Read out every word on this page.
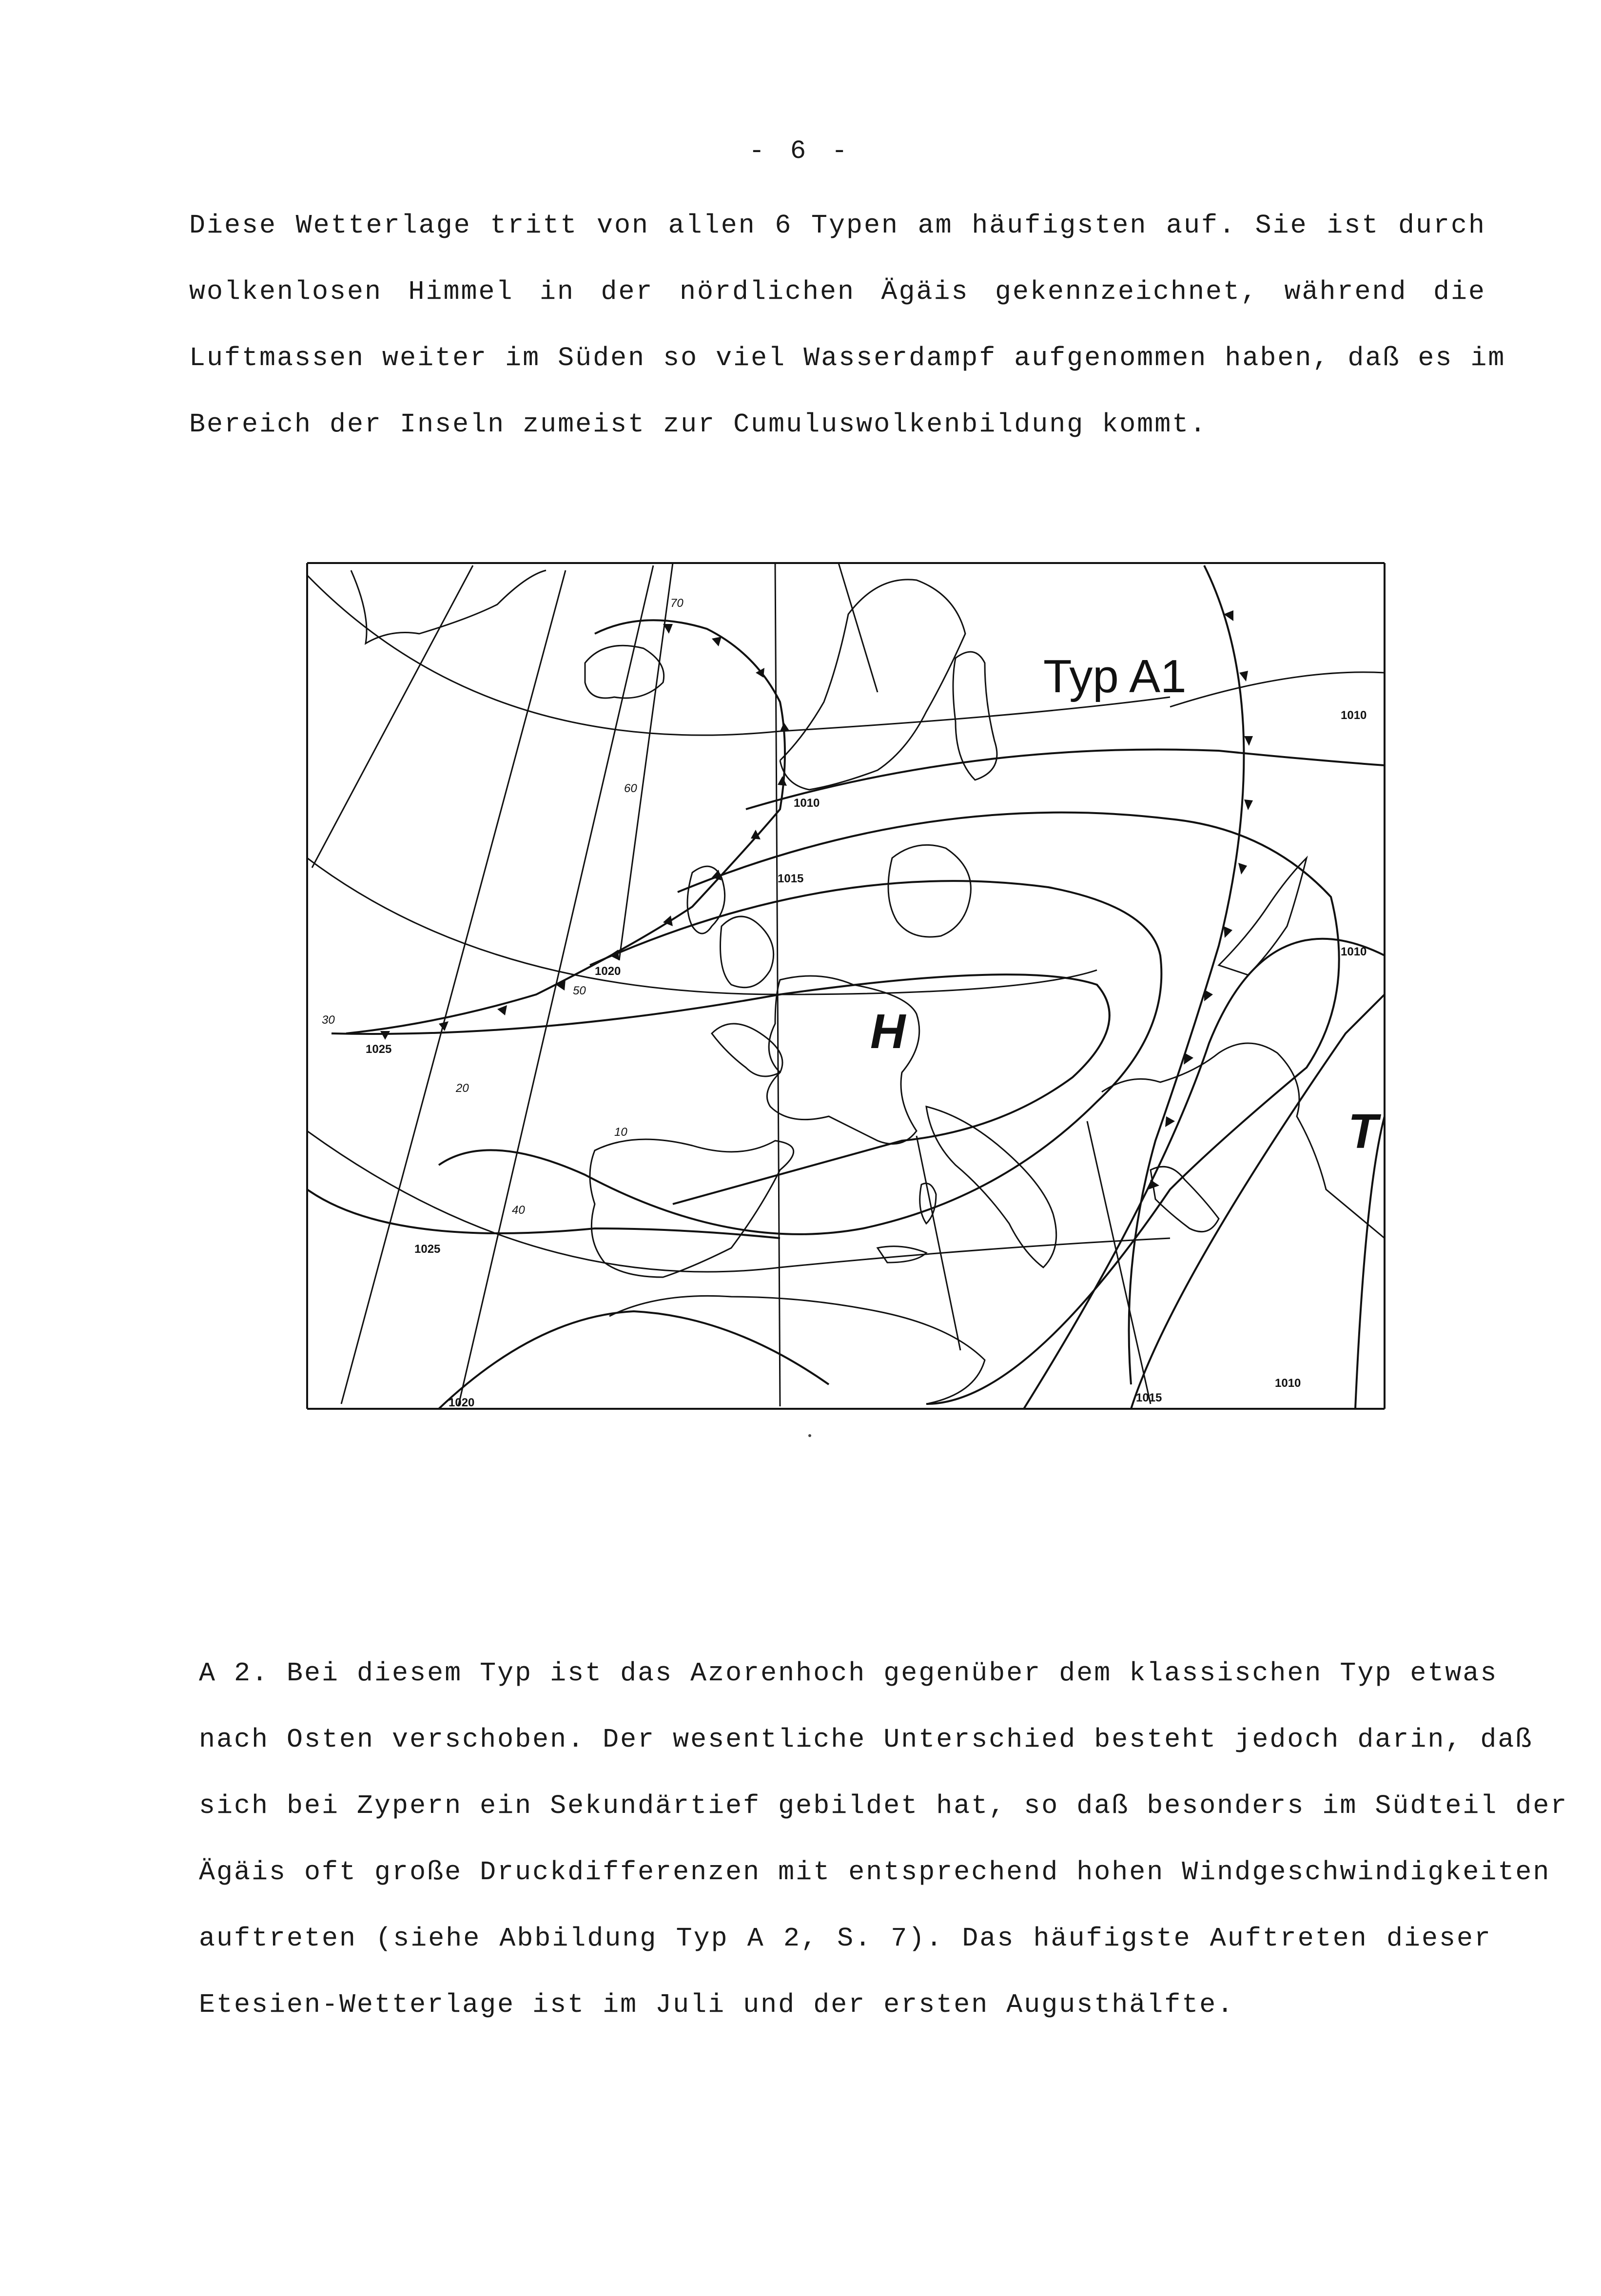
- 6 -
Diese Wetterlage tritt von allen 6 Typen am häufigsten auf. Sie ist durch
wolkenlosen Himmel in der nördlichen Ägäis gekennzeichnet, während die
Luftmassen weiter im Süden so viel Wasserdampf aufgenommen haben, daß es im
Bereich der Inseln zumeist zur Cumuluswolkenbildung kommt.
Typ A1
H
T
1010
1010
1015
1020
1025
1010
1025
1020	1015
1010
70
60
50
40
30
20
10
A 2. Bei diesem Typ ist das Azorenhoch gegenüber dem klassischen Typ etwas
nach Osten verschoben. Der wesentliche Unterschied besteht jedoch darin, daß
sich bei Zypern ein Sekundärtief gebildet hat, so daß besonders im Südteil der
Ägäis oft große Druckdifferenzen mit entsprechend hohen Windgeschwindigkeiten
auftreten (siehe Abbildung Typ A 2, S. 7). Das häufigste Auftreten dieser
Etesien-Wetterlage ist im Juli und der ersten Augusthälfte.
